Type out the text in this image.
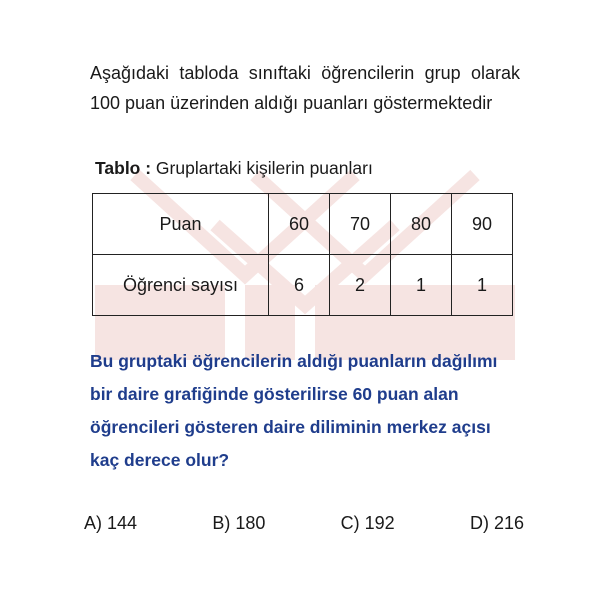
Aşağıdaki tabloda sınıftaki öğrencilerin grup olarak 100 puan üzerinden aldığı puanları göstermektedir
Tablo : Gruplartaki kişilerin puanları
Puan	60	70	80	90
Öğrenci sayısı	6	2	1	1
Bu gruptaki öğrencilerin aldığı puanların dağılımı bir daire grafiğinde gösterilirse 60 puan alan öğrencileri gösteren daire diliminin merkez açısı kaç derece olur?
A) 144	B) 180	C) 192	D) 216
